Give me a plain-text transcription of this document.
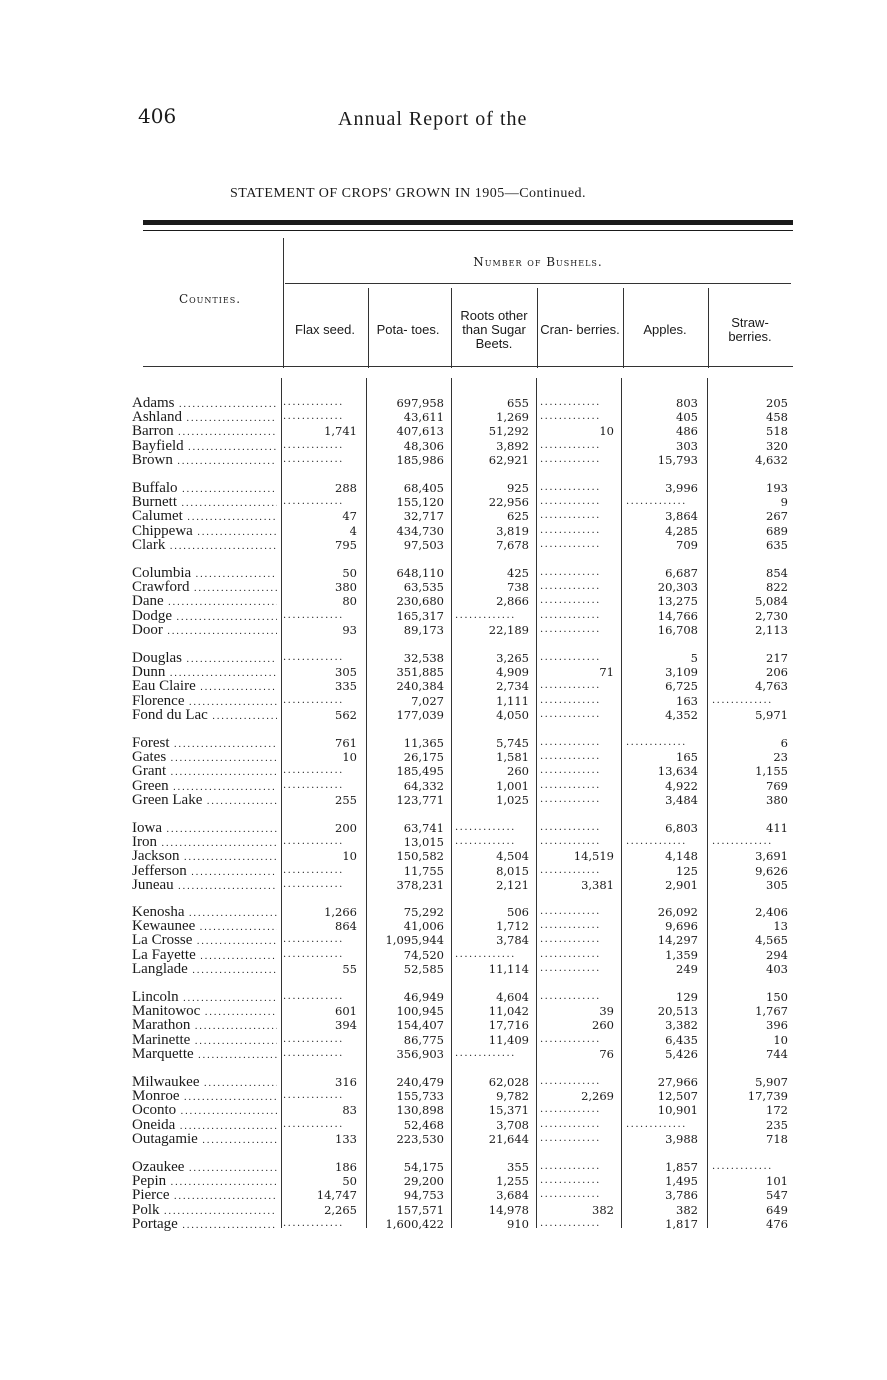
406	Annual Report of the
STATEMENT OF CROPS' GROWN IN 1905—Continued.
Number of Bushels.
Counties.
Flax seed.	Pota- toes.
Roots other than Sugar Beets.
Cran- berries.	Apples.	Straw- berries.
Adams .....	.............	697,958	655 .............	803	205
Ashland .....	.............	43,611	1,269 .............	405	458
Barron .....	1,741	407,613	51,292	10	486	518
Bayfield .....	.............	48,306	3,892 .............	303	320
Brown .....	.............	185,986	62,921 .............	15,793	4,632
Buffalo .....	288	68,405	925 .............	3,996	193
Burnett .....	.............	155,120	22,956 .............	.............	9
Calumet .....	47	32,717	625 .............	3,864	267
Chippewa .....	4	434,730	3,819 .............	4,285	689
Clark .....	795	97,503	7,678 .............	709	635
Columbia .....	50	648,110	425 .............	6,687	854
Crawford .....	380	63,535	738 .............	20,303	822
Dane .....	80	230,680	2,866 .............	13,275	5,084
Dodge .....	.............	165,317 .............	.............	14,766	2,730
Door .....	93	89,173	22,189 .............	16,708	2,113
Douglas .....	.............	32,538	3,265 .............	5	217
Dunn .....	305	351,885	4,909	71	3,109	206
Eau Claire .....	335	240,384	2,734 .............	6,725	4,763
Florence .....	.............	7,027	1,111 .............	163 .............
Fond du Lac .....	562	177,039	4,050 .............	4,352	5,971
Forest .....	761	11,365	5,745 .............	.............	6
Gates .....	10	26,175	1,581 .............	165	23
Grant .....	.............	185,495	260 .............	13,634	1,155
Green .....	.............	64,332	1,001 .............	4,922	769
Green Lake .....	255	123,771	1,025 .............	3,484	380
Iowa .....	200	63,741 .............	.............	6,803	411
Iron .....	.............	13,015 .............	.............	.............	.............
Jackson .....	10	150,582	4,504	14,519	4,148	3,691
Jefferson .....	.............	11,755	8,015 .............	125	9,626
Juneau .....	.............	378,231	2,121	3,381	2,901	305
Kenosha .....	1,266	75,292	506 .............	26,092	2,406
Kewaunee .....	864	41,006	1,712 .............	9,696	13
La Crosse .....	.............	1,095,944	3,784 .............	14,297	4,565
La Fayette .....	.............	74,520 .............	.............	1,359	294
Langlade .....	55	52,585	11,114 .............	249	403
Lincoln .....	.............	46,949	4,604 .............	129	150
Manitowoc .....	601	100,945	11,042	39	20,513	1,767
Marathon .....	394	154,407	17,716	260	3,382	396
Marinette .....	.............	86,775	11,409 .............	6,435	10
Marquette .....	.............	356,903 .............	76	5,426	744
Milwaukee .....	316	240,479	62,028 .............	27,966	5,907
Monroe .....	.............	155,733	9,782	2,269	12,507	17,739
Oconto .....	83	130,898	15,371 .............	10,901	172
Oneida .....	.............	52,468	3,708 .............	.............	235
Outagamie .....	133	223,530	21,644 .............	3,988	718
Ozaukee .....	186	54,175	355 .............	1,857 .............
Pepin .....	50	29,200	1,255 .............	1,495	101
Pierce .....	14,747	94,753	3,684 .............	3,786	547
Polk .....	2,265	157,571	14,978	382	382	649
Portage .....	.............	1,600,422	910 .............	1,817	476
